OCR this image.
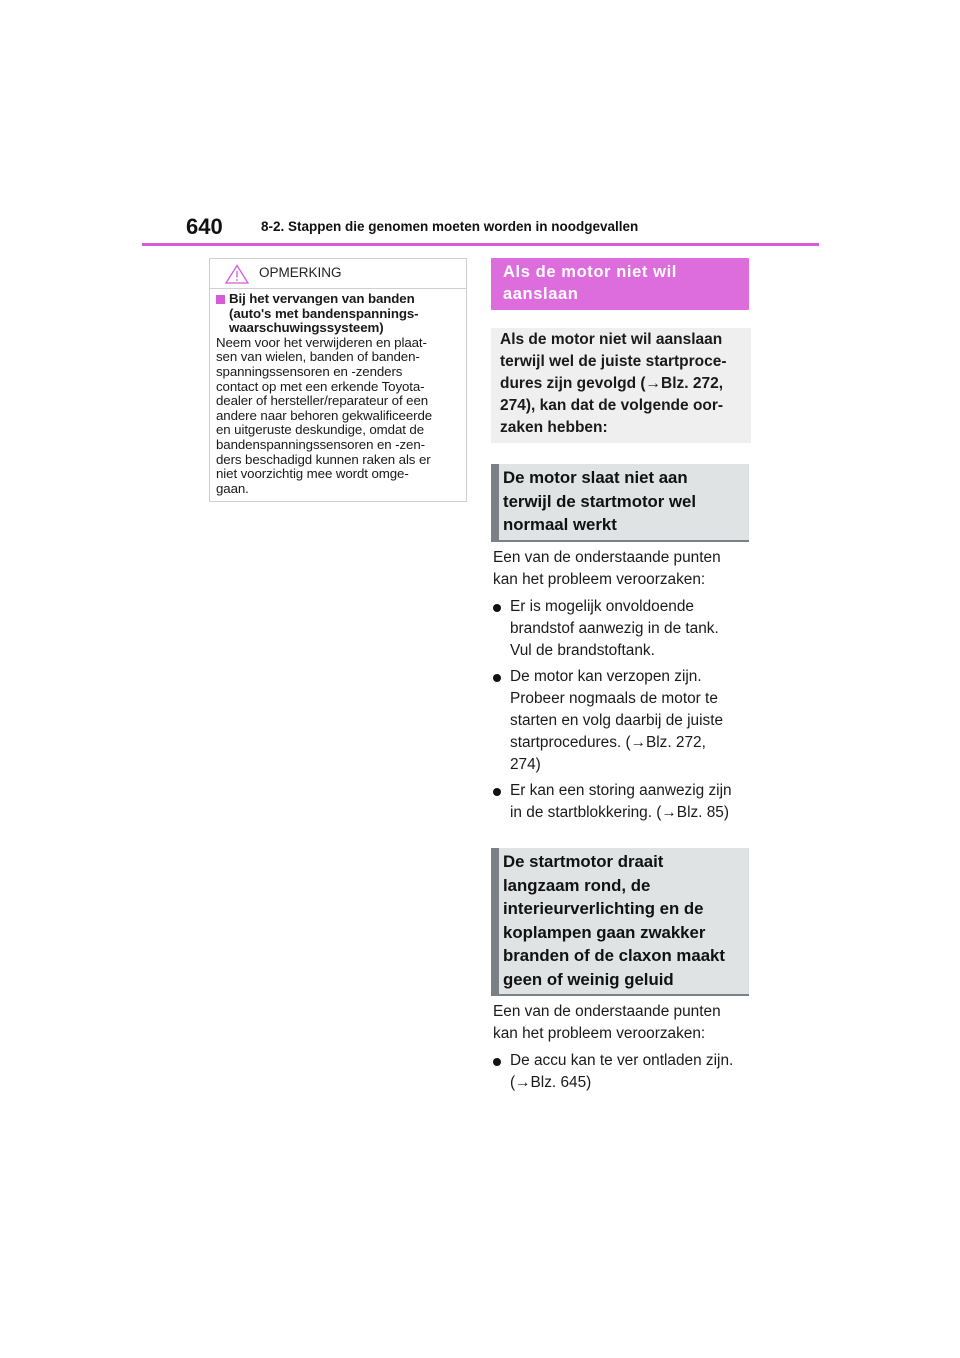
640	8-2. Stappen die genomen moeten worden in noodgevallen
OPMERKING
Bij het vervangen van banden
(auto's met bandenspannings-
waarschuwingssysteem)
Neem voor het verwijderen en plaat-
sen van wielen, banden of banden-
spanningssensoren en -zenders
contact op met een erkende Toyota-
dealer of hersteller/reparateur of een
andere naar behoren gekwalificeerde
en uitgeruste deskundige, omdat de
bandenspanningssensoren en -zen-
ders beschadigd kunnen raken als er
niet voorzichtig mee wordt omge-
gaan.
Als de motor niet wil
aanslaan
Als de motor niet wil aanslaan
terwijl wel de juiste startproce-
dures zijn gevolgd (→Blz. 272,
274), kan dat de volgende oor-
zaken hebben:
De motor slaat niet aan
terwijl de startmotor wel
normaal werkt
Een van de onderstaande punten
kan het probleem veroorzaken:
Er is mogelijk onvoldoende
brandstof aanwezig in de tank.
Vul de brandstoftank.
De motor kan verzopen zijn.
Probeer nogmaals de motor te
starten en volg daarbij de juiste
startprocedures. (→Blz. 272,
274)
Er kan een storing aanwezig zijn
in de startblokkering. (→Blz. 85)
De startmotor draait
langzaam rond, de
interieurverlichting en de
koplampen gaan zwakker
branden of de claxon maakt
geen of weinig geluid
Een van de onderstaande punten
kan het probleem veroorzaken:
De accu kan te ver ontladen zijn.
(→Blz. 645)
